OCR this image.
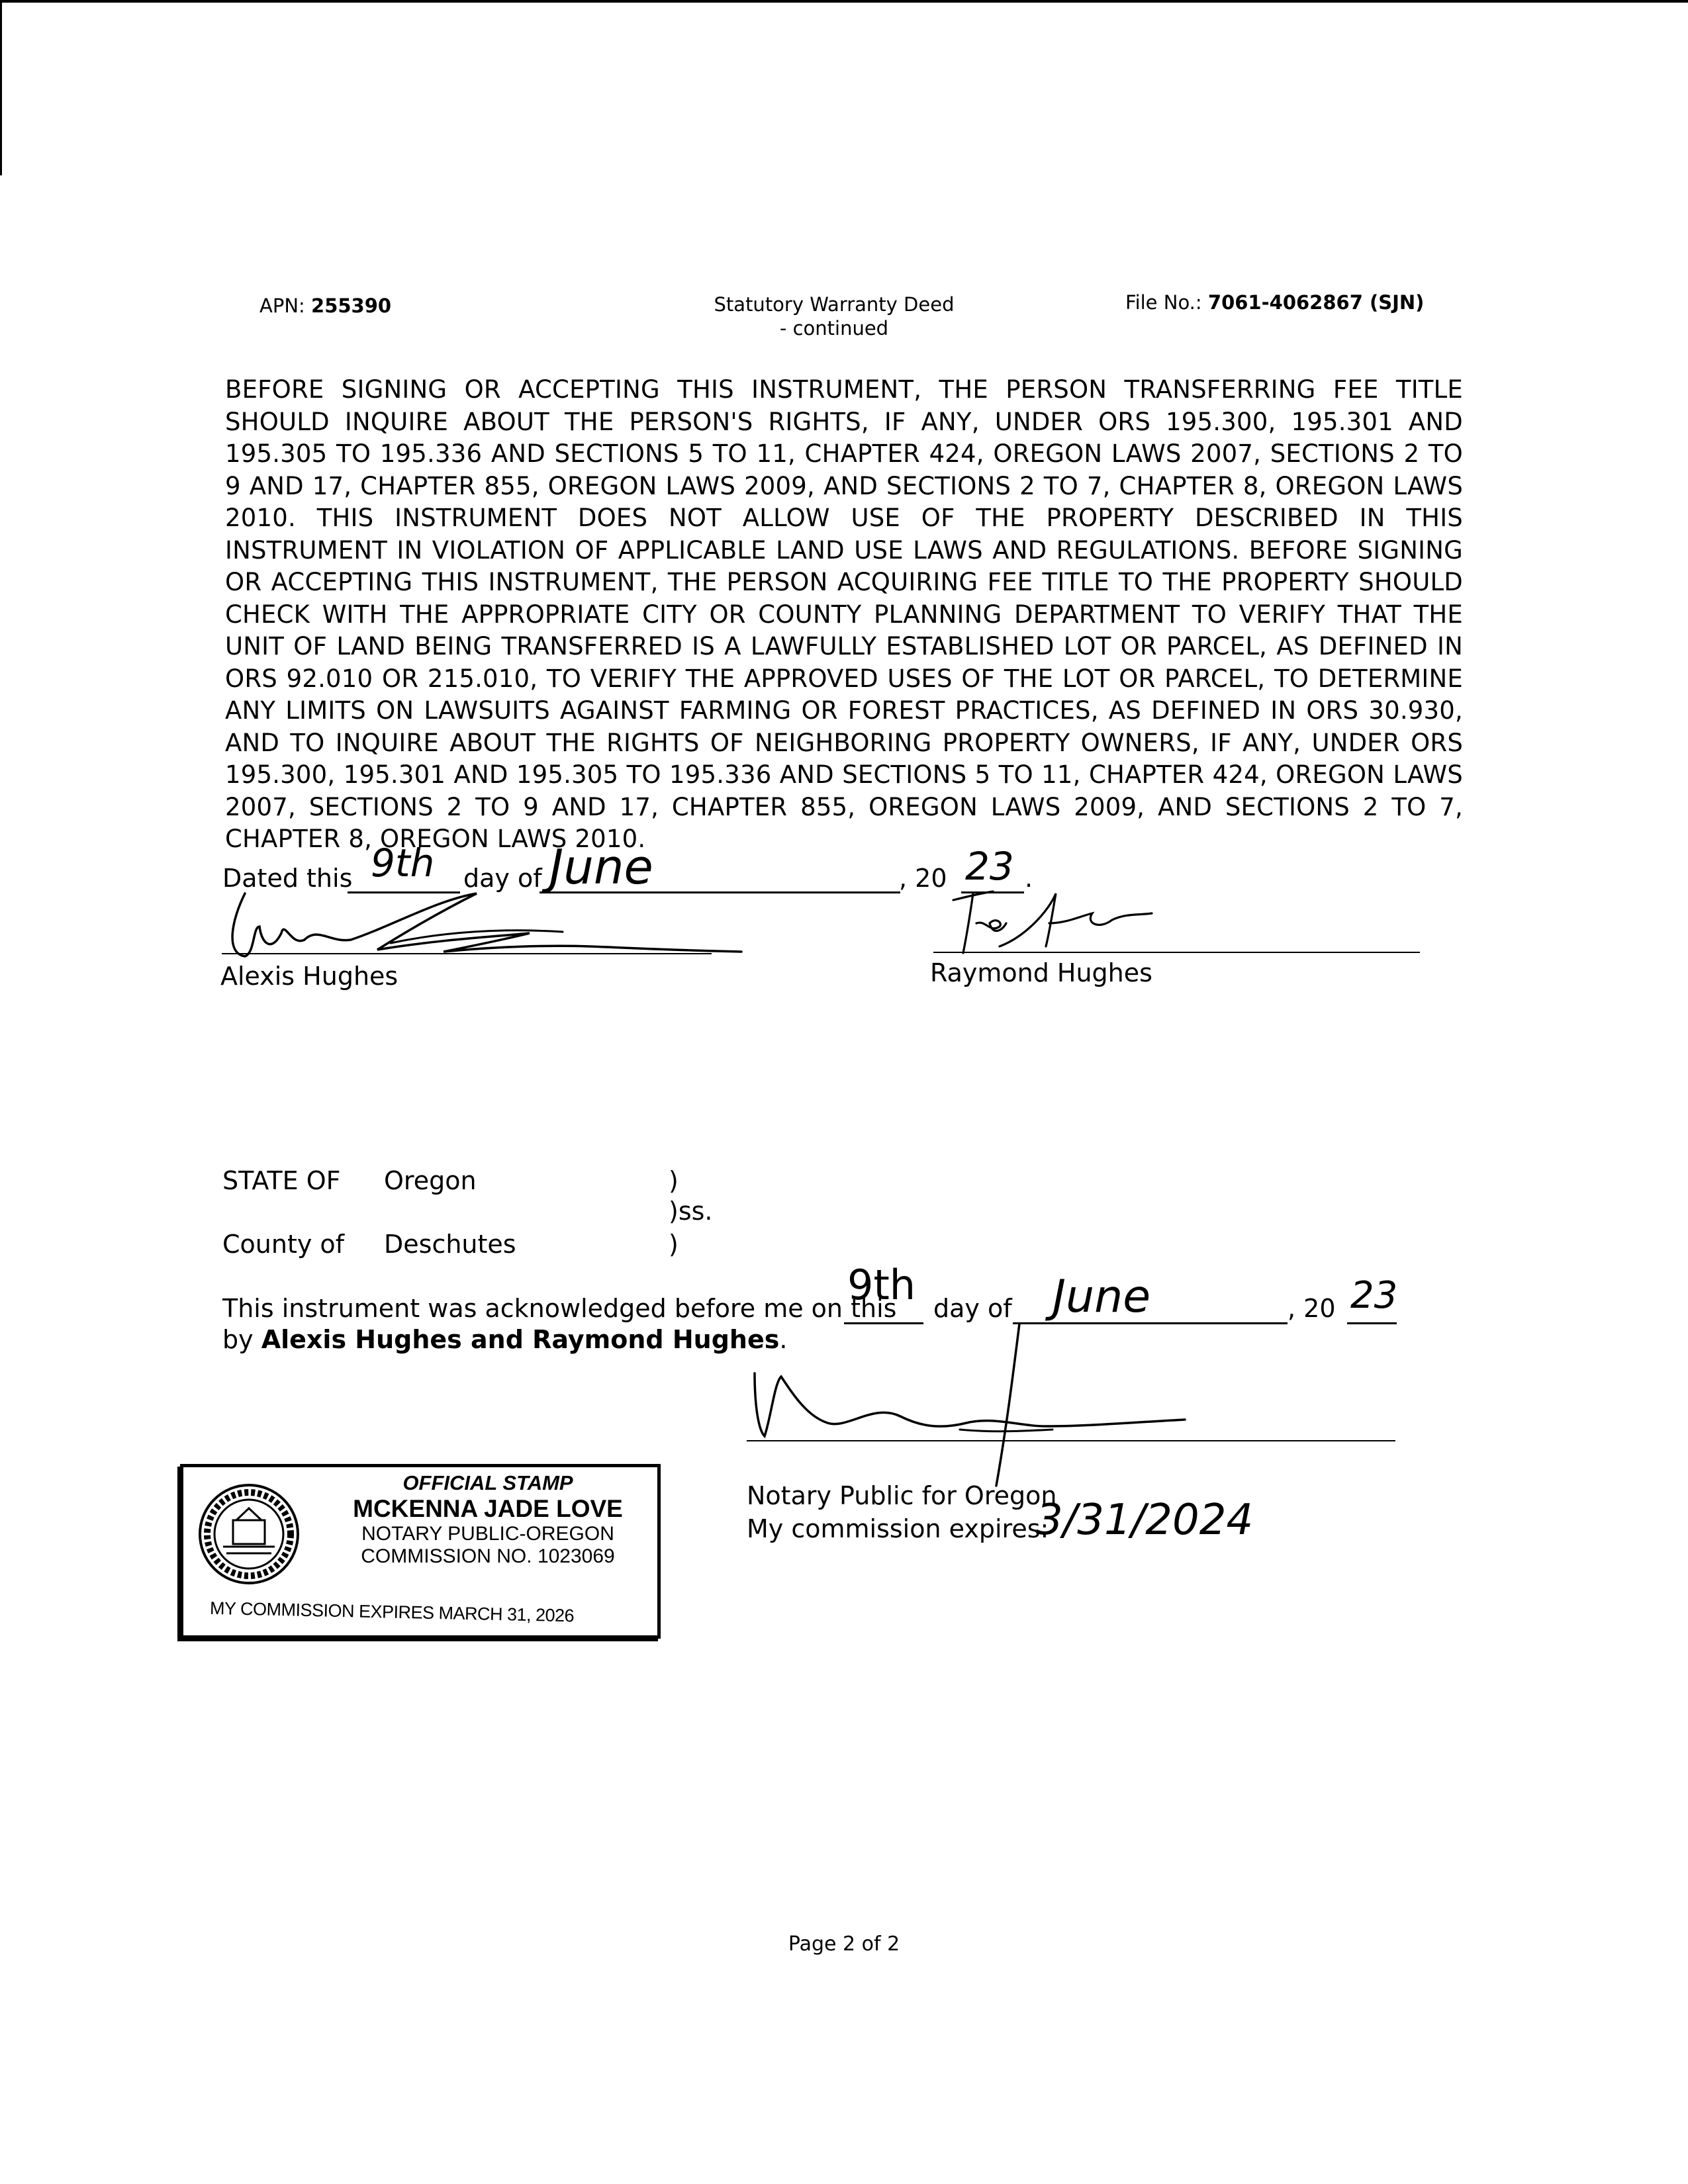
APN: 255390	Statutory Warranty Deed
- continued
File No.: 7061-4062867 (SJN)
BEFORE SIGNING OR ACCEPTING THIS INSTRUMENT, THE PERSON TRANSFERRING FEE TITLE SHOULD INQUIRE ABOUT THE PERSON'S RIGHTS, IF ANY, UNDER ORS 195.300, 195.301 AND 195.305 TO 195.336 AND SECTIONS 5 TO 11, CHAPTER 424, OREGON LAWS 2007, SECTIONS 2 TO 9 AND 17, CHAPTER 855, OREGON LAWS 2009, AND SECTIONS 2 TO 7, CHAPTER 8, OREGON LAWS 2010. THIS INSTRUMENT DOES NOT ALLOW USE OF THE PROPERTY DESCRIBED IN THIS INSTRUMENT IN VIOLATION OF APPLICABLE LAND USE LAWS AND REGULATIONS. BEFORE SIGNING OR ACCEPTING THIS INSTRUMENT, THE PERSON ACQUIRING FEE TITLE TO THE PROPERTY SHOULD CHECK WITH THE APPROPRIATE CITY OR COUNTY PLANNING DEPARTMENT TO VERIFY THAT THE UNIT OF LAND BEING TRANSFERRED IS A LAWFULLY ESTABLISHED LOT OR PARCEL, AS DEFINED IN ORS 92.010 OR 215.010, TO VERIFY THE APPROVED USES OF THE LOT OR PARCEL, TO DETERMINE ANY LIMITS ON LAWSUITS AGAINST FARMING OR FOREST PRACTICES, AS DEFINED IN ORS 30.930, AND TO INQUIRE ABOUT THE RIGHTS OF NEIGHBORING PROPERTY OWNERS, IF ANY, UNDER ORS 195.300, 195.301 AND 195.305 TO 195.336 AND SECTIONS 5 TO 11, CHAPTER 424, OREGON LAWS 2007, SECTIONS 2 TO 9 AND 17, CHAPTER 855, OREGON LAWS 2009, AND SECTIONS 2 TO 7, CHAPTER 8, OREGON LAWS 2010.
Dated this 9th day of June	, 20 23 .
Alexis Hughes	Raymond Hughes
STATE OF Oregon	)
)ss.
County of Deschutes	)
This instrument was acknowledged before me on this
9th day of June	, 20 23
by Alexis Hughes and Raymond Hughes.
Notary Public for Oregon
My commission expires:
3/31/2024
OFFICIAL STAMP
MCKENNA JADE LOVE
NOTARY PUBLIC-OREGON
COMMISSION NO. 1023069
MY COMMISSION EXPIRES MARCH 31, 2026
Page 2 of 2
